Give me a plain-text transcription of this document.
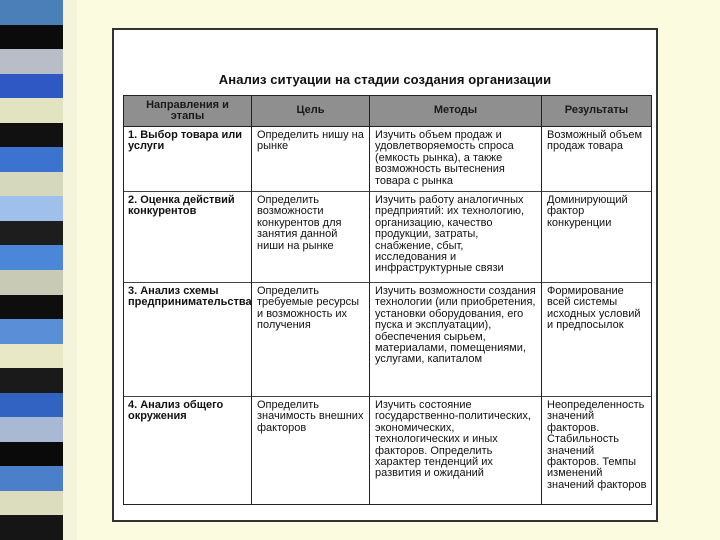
Анализ ситуации на стадии создания организации
Направления и этапы	Цель	Методы	Результаты
1. Выбор товара или услуги	Определить нишу на рынке	Изучить объем продаж и удовлетворяемость спроса (емкость рынка), а также возможность вытеснения товара с рынка	Возможный объем продаж товара
2. Оценка действий конкурентов	Определить возможности конкурентов для занятия данной ниши на рынке	Изучить работу аналогичных предприятий: их технологию, организацию, качество продукции, затраты, снабжение, сбыт, исследования и инфраструктурные связи	Доминирующий фактор конкуренции
3. Анализ схемы предпринимательства	Определить требуемые ресурсы и возможность их получения	Изучить возможности создания технологии (или приобретения, установки оборудования, его пуска и эксплуатации), обеспечения сырьем, материалами, помещениями, услугами, капиталом	Формирование всей системы исходных условий и предпосылок
4. Анализ общего окружения	Определить значимость внешних факторов	Изучить состояние государственно-политических, экономических, технологических и иных факторов. Определить характер тенденций их развития и ожиданий	Неопределенность значений факторов. Стабильность значений факторов. Темпы изменений значений факторов
